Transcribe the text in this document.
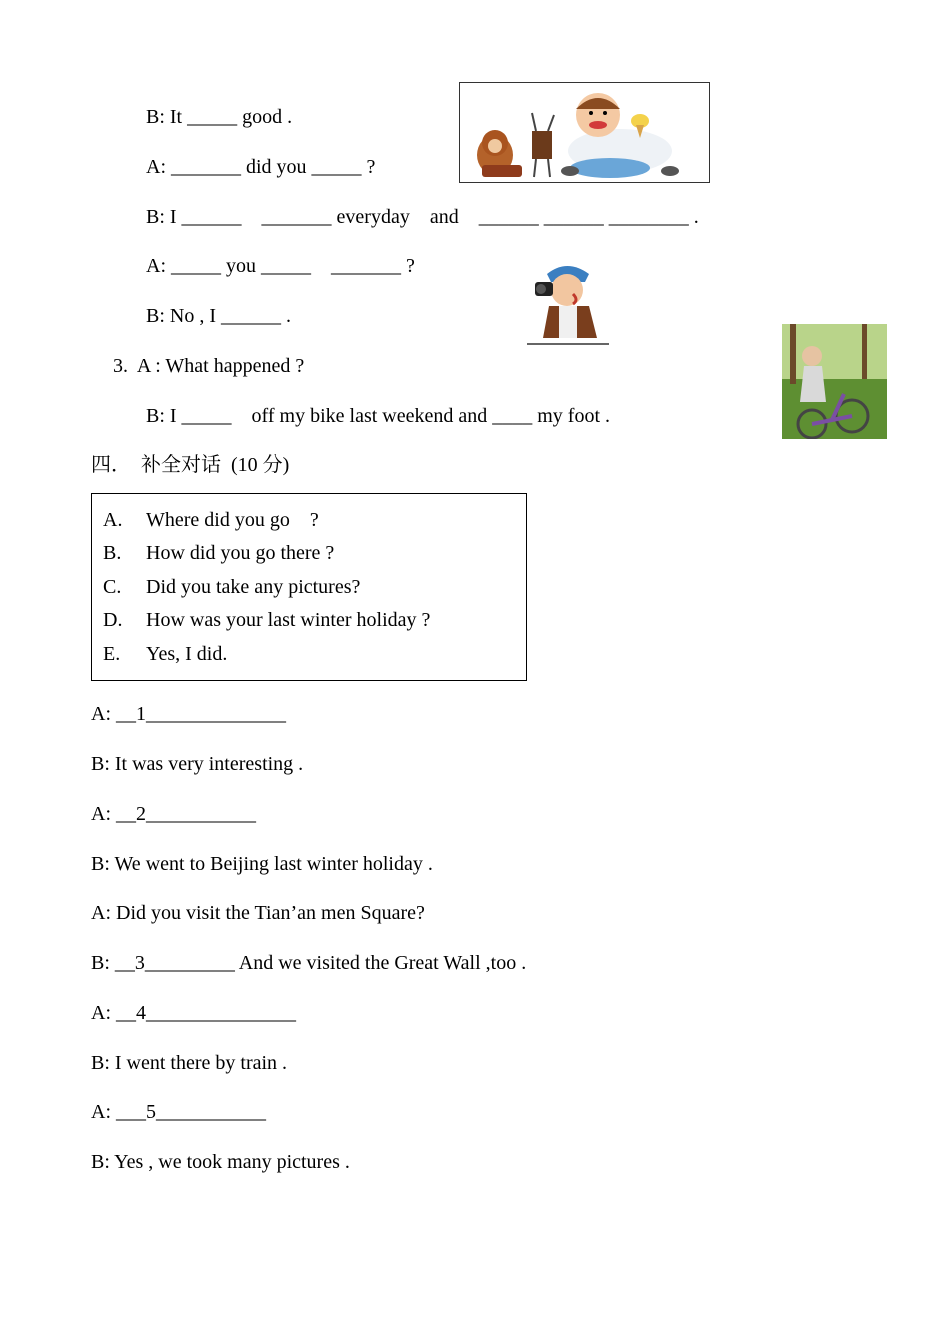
B: It _____ good .
A: _______ did you _____ ?
B: I ______    _______ everyday    and    ______ ______ ________ .
A: _____ you _____    _______ ?
B: No , I ______ .
3.  A : What happened ?
B: I _____    off my bike last weekend and ____ my foot .
四．  补全对话  (10 分)
A. Where did you go    ?
B. How did you go there ?
C. Did you take any pictures?
D. How was your last winter holiday ?
E. Yes, I did.
A: __1______________
B: It was very interesting .
A: __2___________
B: We went to Beijing last winter holiday .
A: Did you visit the Tian’an men Square?
B: __3_________ And we visited the Great Wall ,too .
A: __4_______________
B: I went there by train .
A: ___5___________
B: Yes , we took many pictures .
